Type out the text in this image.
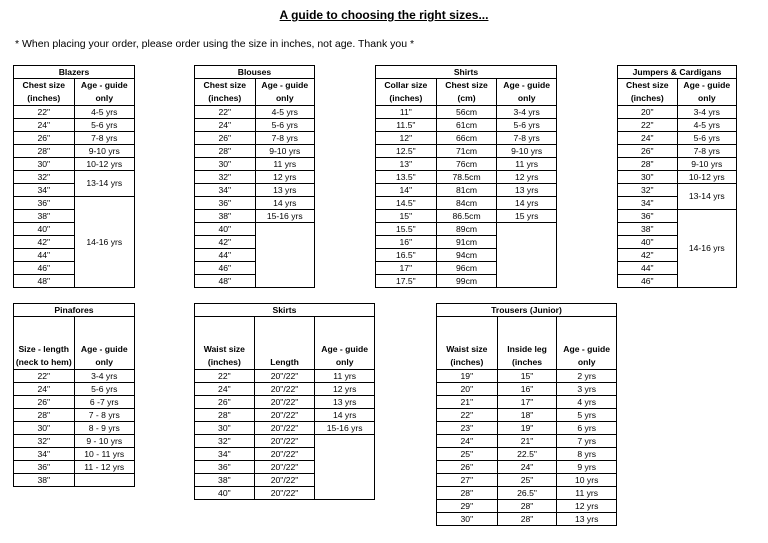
A guide to choosing the right sizes...
* When placing your order, please order using the size in inches, not age. Thank you *
Blazers	
Chest size (inches)	Age - guide only
22"	4-5 yrs
24"	5-6 yrs
26"	7-8 yrs
28"	9-10 yrs
30"	10-12 yrs
32"	13-14 yrs
34"	
36"	14-16 yrs
38"	
40"	
42"	
44"	
46"	
48"	
Blouses	
Chest size (inches)	Age - guide only
22"	4-5 yrs
24"	5-6 yrs
26"	7-8 yrs
28"	9-10 yrs
30"	11 yrs
32"	12 yrs
34"	13 yrs
36"	14 yrs
38"	15-16 yrs
40"	
42"	
44"	
46"	
48"	
Shirts		
Collar size (inches)	Chest size (cm)	Age - guide only
11"	56cm	3-4 yrs
11.5"	61cm	5-6 yrs
12"	66cm	7-8 yrs
12.5"	71cm	9-10 yrs
13"	76cm	11 yrs
13.5"	78.5cm	12 yrs
14"	81cm	13 yrs
14.5"	84cm	14 yrs
15"	86.5cm	15 yrs
15.5"	89cm	
16"	91cm	
16.5"	94cm	
17"	96cm	
17.5"	99cm	
Jumpers & Cardigans	
Chest size (inches)	Age - guide only
20"	3-4 yrs
22"	4-5 yrs
24"	5-6 yrs
26"	7-8 yrs
28"	9-10 yrs
30"	10-12 yrs
32"	13-14 yrs
34"	
36"	14-16 yrs
38"	
40"	
42"	
44"	
46"	
Pinafores	
Size - length (neck to hem)	Age - guide only
22"	3-4 yrs
24"	5-6 yrs
26"	6 -7 yrs
28"	7 - 8 yrs
30"	8 - 9 yrs
32"	9 - 10 yrs
34"	10 - 11 yrs
36"	11 - 12 yrs
38"	
Skirts		
Waist size (inches)	Length	Age - guide only
22"	20"/22"	11 yrs
24"	20"/22"	12 yrs
26"	20"/22"	13 yrs
28"	20"/22"	14 yrs
30"	20"/22"	15-16 yrs
32"	20"/22"	
34"	20"/22"	
36"	20"/22"	
38"	20"/22"	
40"	20"/22"	
Trousers (Junior)		
Waist size (inches)	Inside leg (inches	Age - guide only
19"	15"	2 yrs
20"	16"	3 yrs
21"	17"	4 yrs
22"	18"	5 yrs
23"	19"	6 yrs
24"	21"	7 yrs
25"	22.5"	8 yrs
26"	24"	9 yrs
27"	25"	10 yrs
28"	26.5"	11 yrs
29"	28"	12 yrs
30"	28"	13 yrs
